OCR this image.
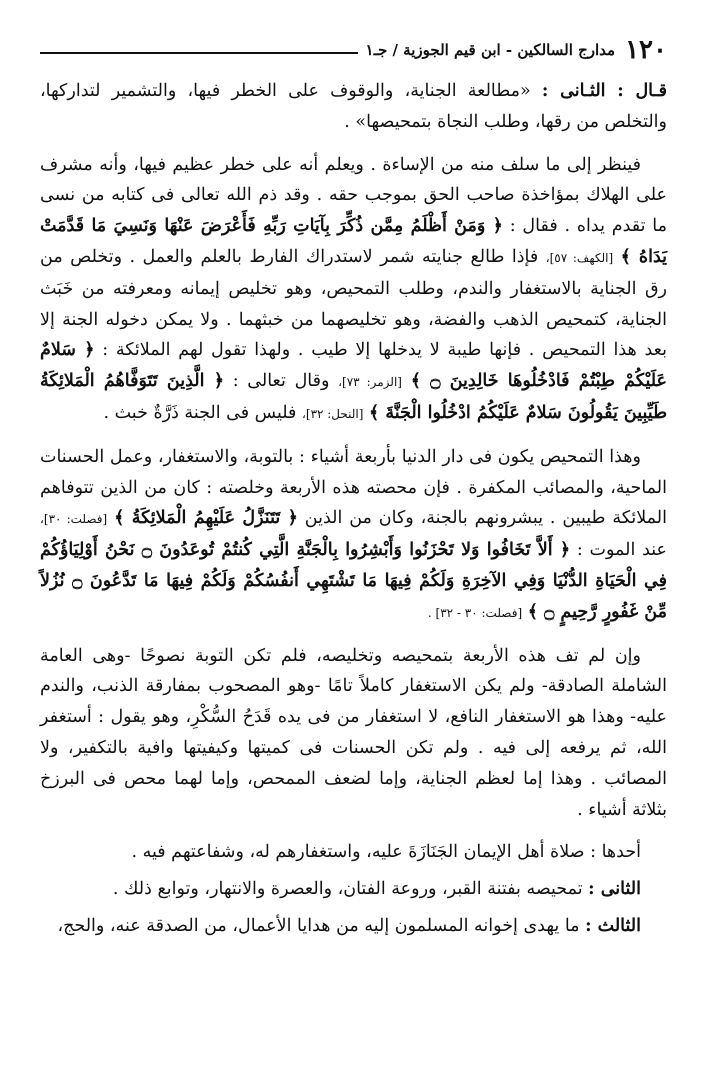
١٢٠
مدارج السالكين - ابن قيم الجوزية / جـ١

قـال : الثـانى : «مطالعة الجناية، والوقوف على الخطر فيها، والتشمير لتداركها، والتخلص من رقها، وطلب النجاة بتمحيصها» .

فينظر إلى ما سلف منه من الإساءة . ويعلم أنه على خطر عظيم فيها، وأنه مشرف على الهلاك بمؤاخذة صاحب الحق بموجب حقه . وقد ذم الله تعالى فى كتابه من نسى ما تقدم يداه . فقال : ﴿ وَمَنْ أَظْلَمُ مِمَّن ذُكِّرَ بِآيَاتِ رَبِّهِ فَأَعْرَضَ عَنْهَا وَنَسِيَ مَا قَدَّمَتْ يَدَاهُ ﴾ [الكهف: ٥٧]، فإذا طالع جنايته شمر لاستدراك الفارط بالعلم والعمل . وتخلص من رق الجناية بالاستغفار والندم، وطلب التمحيص، وهو تخليص إيمانه ومعرفته من خَبَث الجناية، كتمحيص الذهب والفضة، وهو تخليصهما من خبثهما . ولا يمكن دخوله الجنة إلا بعد هذا التمحيص . فإنها طيبة لا يدخلها إلا طيب . ولهذا تقول لهم الملائكة : ﴿ سَلامٌ عَلَيْكُمْ طِبْتُمْ فَادْخُلُوهَا خَالِدِينَ ۝ ﴾ [الزمر: ٧٣]، وقال تعالى : ﴿ الَّذِينَ تَتَوَفَّاهُمُ الْمَلائِكَةُ طَيِّبِينَ يَقُولُونَ سَلامٌ عَلَيْكُمُ ادْخُلُوا الْجَنَّةَ ﴾ [النحل: ٣٢]، فليس فى الجنة ذَرَّةٌ خبث .

وهذا التمحيص يكون فى دار الدنيا بأربعة أشياء : بالتوبة، والاستغفار، وعمل الحسنات الماحية، والمصائب المكفرة . فإن محصته هذه الأربعة وخلصته : كان من الذين تتوفاهم الملائكة طيبين . يبشرونهم بالجنة، وكان من الذين ﴿ تَتَنَزَّلُ عَلَيْهِمُ الْمَلائِكَةُ ﴾ [فصلت: ٣٠]، عند الموت : ﴿ أَلاَّ تَخَافُوا وَلا تَحْزَنُوا وَأَبْشِرُوا بِالْجَنَّةِ الَّتِي كُنتُمْ تُوعَدُونَ ۝ نَحْنُ أَوْلِيَاؤُكُمْ فِي الْحَيَاةِ الدُّنْيَا وَفِي الآخِرَةِ وَلَكُمْ فِيهَا مَا تَشْتَهِي أَنفُسُكُمْ وَلَكُمْ فِيهَا مَا تَدَّعُونَ ۝ نُزُلاً مِّنْ غَفُورٍ رَّحِيمٍ ۝ ﴾ [فصلت: ٣٠ - ٣٢] .

وإن لم تف هذه الأربعة بتمحيصه وتخليصه، فلم تكن التوبة نصوحًا -وهى العامة الشاملة الصادقة- ولم يكن الاستغفار كاملاً تامًا -وهو المصحوب بمفارقة الذنب، والندم عليه- وهذا هو الاستغفار النافع، لا استغفار من فى يده قَدَحُ السُّكْرِ، وهو يقول : أستغفر الله، ثم يرفعه إلى فيه . ولم تكن الحسنات فى كميتها وكيفيتها وافية بالتكفير، ولا المصائب . وهذا إما لعظم الجناية، وإما لضعف الممحص، وإما لهما محص فى البرزخ بثلاثة أشياء .

أحدها : صلاة أهل الإيمان الجَنَازَةَ عليه، واستغفارهم له، وشفاعتهم فيه .

الثانى : تمحيصه بفتنة القبر، وروعة الفتان، والعصرة والانتهار، وتوابع ذلك .

الثالث : ما يهدى إخوانه المسلمون إليه من هدايا الأعمال، من الصدقة عنه، والحج،
